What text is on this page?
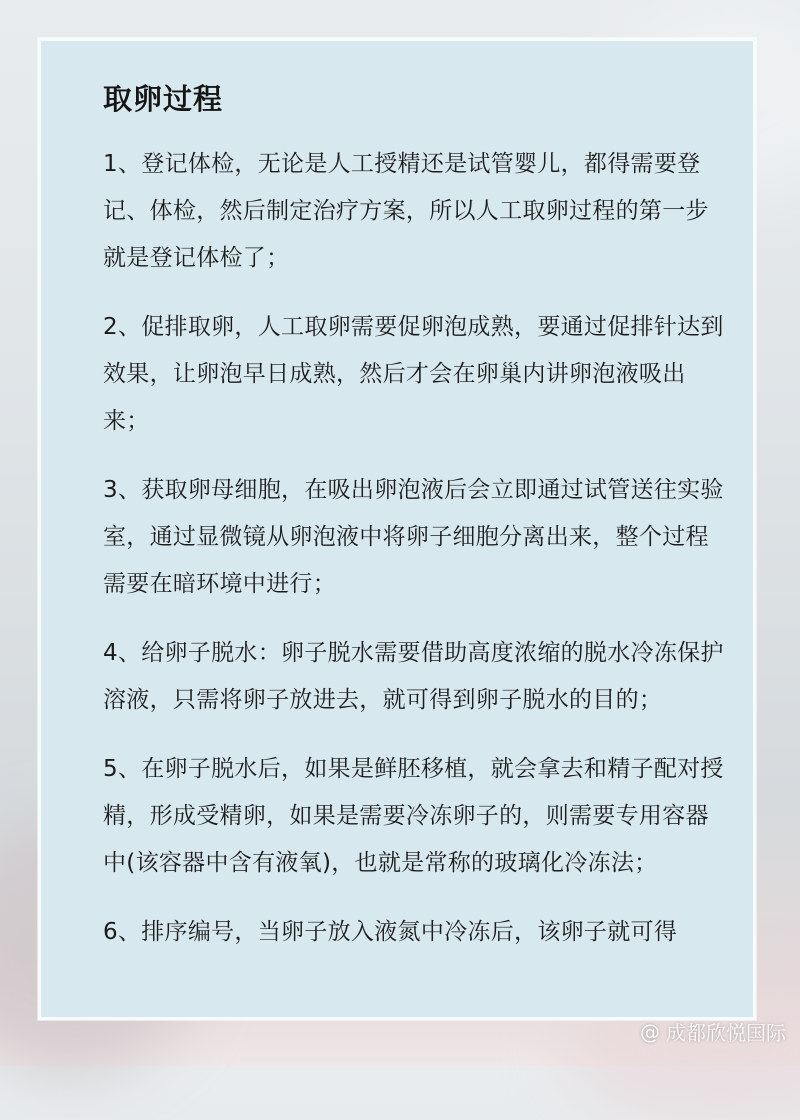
取卵过程

1、登记体检，无论是人工授精还是试管婴儿，都得需要登记、体检，然后制定治疗方案，所以人工取卵过程的第一步就是登记体检了；

2、促排取卵，人工取卵需要促卵泡成熟，要通过促排针达到效果，让卵泡早日成熟，然后才会在卵巢内讲卵泡液吸出来；

3、获取卵母细胞，在吸出卵泡液后会立即通过试管送往实验室，通过显微镜从卵泡液中将卵子细胞分离出来，整个过程需要在暗环境中进行；

4、给卵子脱水：卵子脱水需要借助高度浓缩的脱水冷冻保护溶液，只需将卵子放进去，就可得到卵子脱水的目的；

5、在卵子脱水后，如果是鲜胚移植，就会拿去和精子配对授精，形成受精卵，如果是需要冷冻卵子的，则需要专用容器中(该容器中含有液氧)，也就是常称的玻璃化冷冻法；

6、排序编号，当卵子放入液氮中冷冻后，该卵子就可得

@ 成都欣悦国际
